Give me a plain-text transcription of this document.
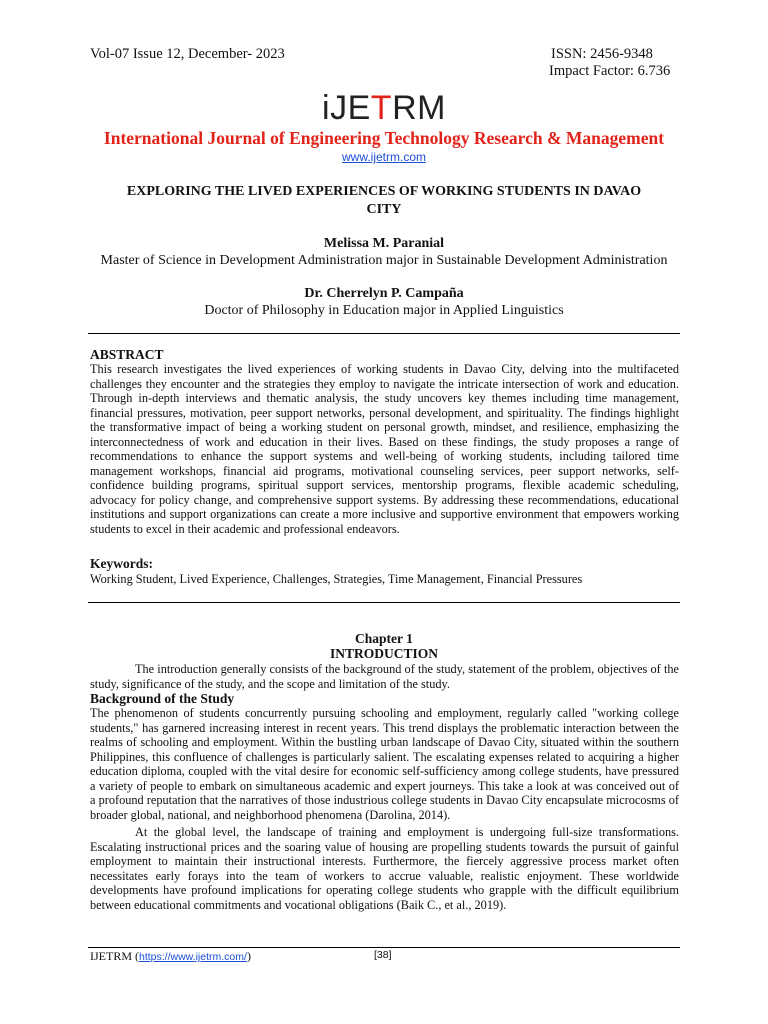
Vol-07 Issue 12, December- 2023	ISSN: 2456-9348
Impact Factor: 6.736
iJETRM
International Journal of Engineering Technology Research & Management
www.ijetrm.com
EXPLORING THE LIVED EXPERIENCES OF WORKING STUDENTS IN DAVAO
CITY
Melissa M. Paranial
Master of Science in Development Administration major in Sustainable Development Administration
Dr. Cherrelyn P. Campaña
Doctor of Philosophy in Education major in Applied Linguistics
ABSTRACT
This research investigates the lived experiences of working students in Davao City, delving into the multifaceted challenges they encounter and the strategies they employ to navigate the intricate intersection of work and education. Through in-depth interviews and thematic analysis, the study uncovers key themes including time management, financial pressures, motivation, peer support networks, personal development, and spirituality. The findings highlight the transformative impact of being a working student on personal growth, mindset, and resilience, emphasizing the interconnectedness of work and education in their lives. Based on these findings, the study proposes a range of recommendations to enhance the support systems and well-being of working students, including tailored time management workshops, financial aid programs, motivational counseling services, peer support networks, self-confidence building programs, spiritual support services, mentorship programs, flexible academic scheduling, advocacy for policy change, and comprehensive support systems. By addressing these recommendations, educational institutions and support organizations can create a more inclusive and supportive environment that empowers working students to excel in their academic and professional endeavors.
Keywords:
Working Student, Lived Experience, Challenges, Strategies, Time Management, Financial Pressures
Chapter 1
INTRODUCTION
The introduction generally consists of the background of the study, statement of the problem, objectives of the study, significance of the study, and the scope and limitation of the study.
Background of the Study
The phenomenon of students concurrently pursuing schooling and employment, regularly called "working college students," has garnered increasing interest in recent years. This trend displays the problematic interaction between the realms of schooling and employment. Within the bustling urban landscape of Davao City, situated within the southern Philippines, this confluence of challenges is particularly salient. The escalating expenses related to acquiring a higher education diploma, coupled with the vital desire for economic self-sufficiency among college students, have pressured a variety of people to embark on simultaneous academic and expert journeys. This take a look at was conceived out of a profound reputation that the narratives of those industrious college students in Davao City encapsulate microcosms of broader global, national, and neighborhood phenomena (Darolina, 2014).
At the global level, the landscape of training and employment is undergoing full-size transformations. Escalating instructional prices and the soaring value of housing are propelling students towards the pursuit of gainful employment to maintain their instructional interests. Furthermore, the fiercely aggressive process market often necessitates early forays into the team of workers to accrue valuable, realistic enjoyment. These worldwide developments have profound implications for operating college students who grapple with the difficult equilibrium between educational commitments and vocational obligations (Baik C., et al., 2019).
IJETRM (https://www.ijetrm.com/)	[38]
